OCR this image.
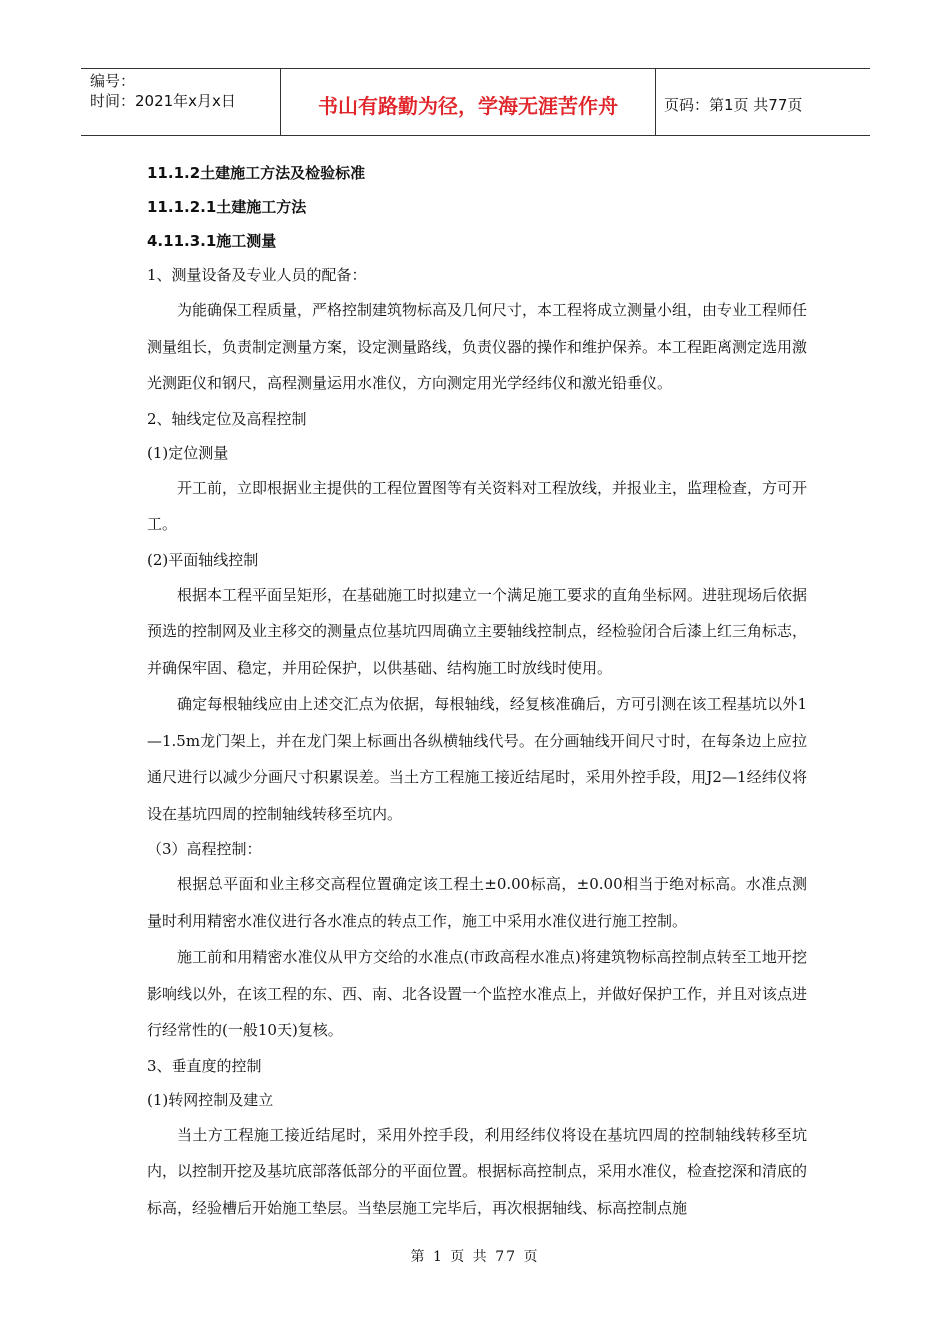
编号：
时间：2021年x月x日	书山有路勤为径，学海无涯苦作舟	页码：第1页 共77页

11.1.2土建施工方法及检验标准

11.1.2.1土建施工方法

4.11.3.1施工测量

1、测量设备及专业人员的配备：

为能确保工程质量，严格控制建筑物标高及几何尺寸，本工程将成立测量小组，由专业工程师任测量组长，负责制定测量方案，设定测量路线，负责仪器的操作和维护保养。本工程距离测定选用激光测距仪和钢尺，高程测量运用水准仪，方向测定用光学经纬仪和激光铅垂仪。

2、轴线定位及高程控制

(1)定位测量

开工前，立即根据业主提供的工程位置图等有关资料对工程放线，并报业主，监理检查，方可开工。

(2)平面轴线控制

根据本工程平面呈矩形，在基础施工时拟建立一个满足施工要求的直角坐标网。进驻现场后依据预选的控制网及业主移交的测量点位基坑四周确立主要轴线控制点，经检验闭合后漆上红三角标志，并确保牢固、稳定，并用砼保护，以供基础、结构施工时放线时使用。

确定每根轴线应由上述交汇点为依据，每根轴线，经复核准确后，方可引测在该工程基坑以外1—1.5m龙门架上，并在龙门架上标画出各纵横轴线代号。在分画轴线开间尺寸时，在每条边上应拉通尺进行以减少分画尺寸积累误差。当土方工程施工接近结尾时，采用外控手段，用J2—1经纬仪将设在基坑四周的控制轴线转移至坑内。

（3）高程控制：

根据总平面和业主移交高程位置确定该工程土±0.00标高，±0.00相当于绝对标高。水准点测量时利用精密水准仪进行各水准点的转点工作，施工中采用水准仪进行施工控制。

施工前和用精密水准仪从甲方交给的水准点(市政高程水准点)将建筑物标高控制点转至工地开挖影响线以外，在该工程的东、西、南、北各设置一个监控水准点上，并做好保护工作，并且对该点进行经常性的(一般10天)复核。

3、垂直度的控制

(1)转网控制及建立

当土方工程施工接近结尾时，采用外控手段，利用经纬仪将设在基坑四周的控制轴线转移至坑内，以控制开挖及基坑底部落低部分的平面位置。根据标高控制点，采用水准仪，检查挖深和清底的标高，经验槽后开始施工垫层。当垫层施工完毕后，再次根据轴线、标高控制点施

第 1 页 共 77 页
